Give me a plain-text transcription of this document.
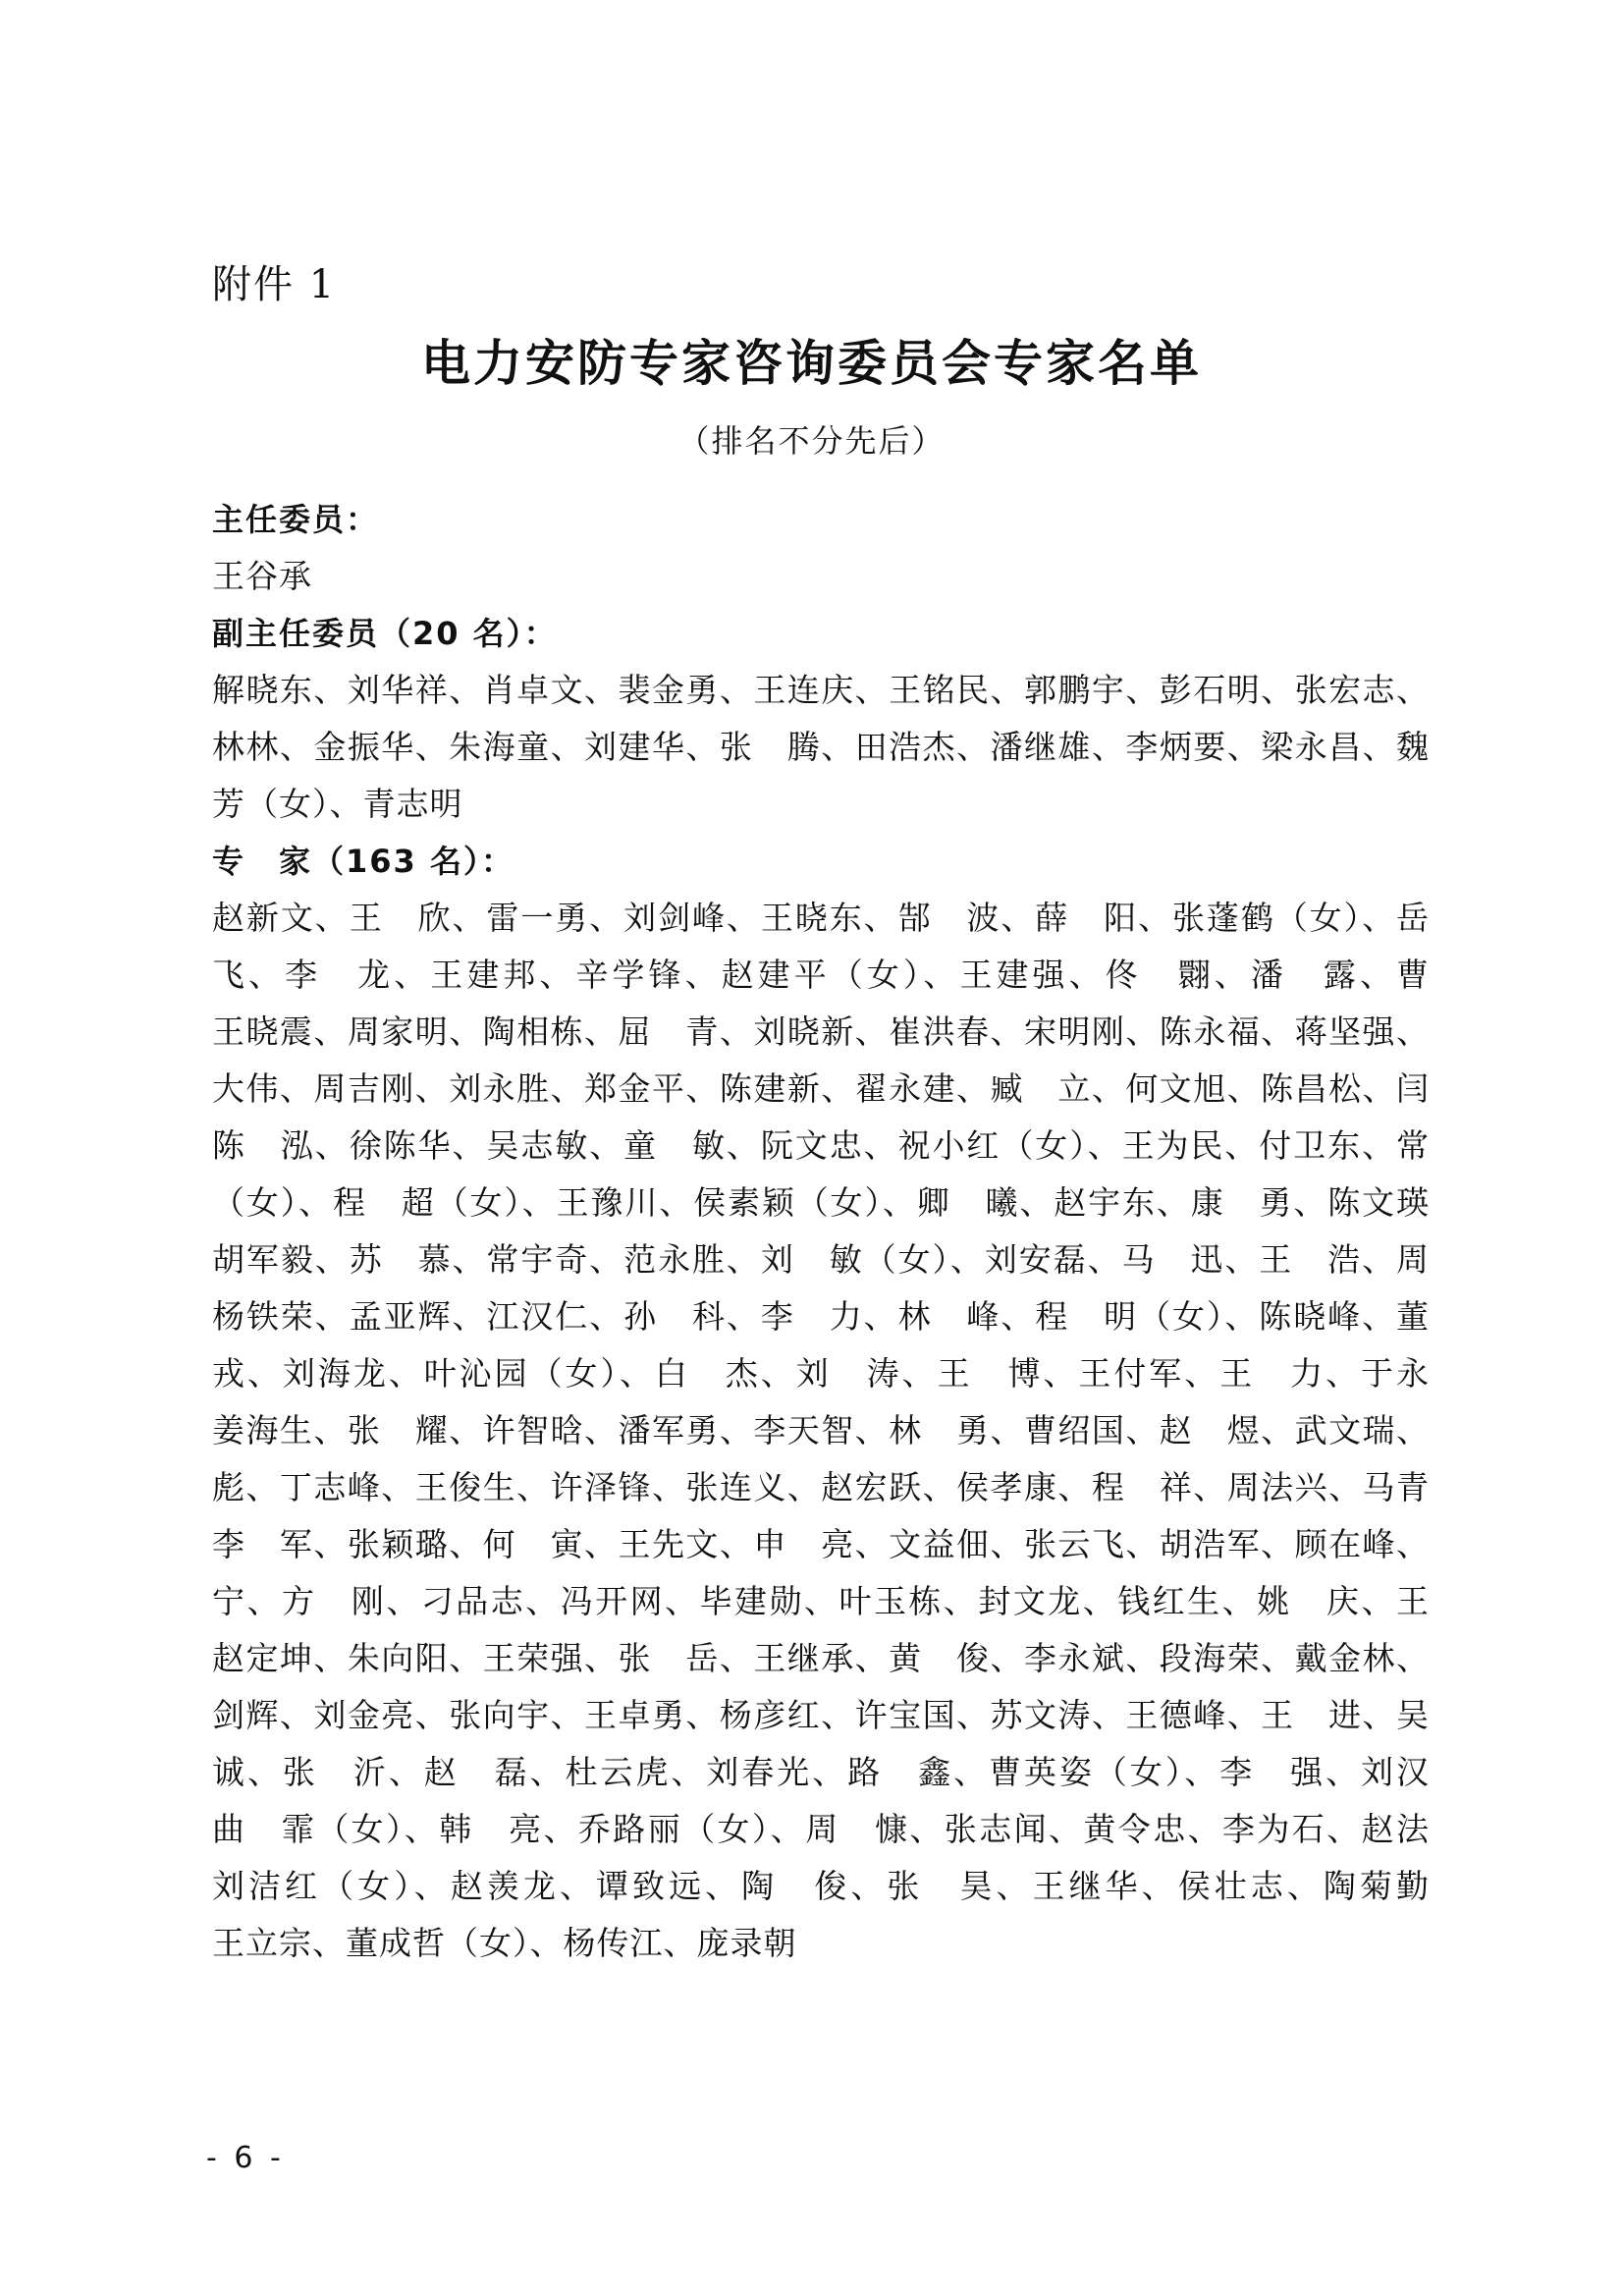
附件 1
电力安防专家咨询委员会专家名单
（排名不分先后）
主任委员：
王谷承
副主任委员（20 名）：
解晓东、刘华祥、肖卓文、裴金勇、王连庆、王铭民、郭鹏宇、彭石明、张宏志、
林林、金振华、朱海童、刘建华、张　腾、田浩杰、潘继雄、李炳要、梁永昌、魏
芳（女）、青志明
专　家（163 名）：
赵新文、王　欣、雷一勇、刘剑峰、王晓东、郜　波、薛　阳、张蓬鹤（女）、岳
飞、李　龙、王建邦、辛学锋、赵建平（女）、王建强、佟　翾、潘　露、曹　
王晓震、周家明、陶相栋、屈　青、刘晓新、崔洪春、宋明刚、陈永福、蒋坚强、
大伟、周吉刚、刘永胜、郑金平、陈建新、翟永建、臧　立、何文旭、陈昌松、闫　
陈　泓、徐陈华、吴志敏、童　敏、阮文忠、祝小红（女）、王为民、付卫东、常　
（女）、程　超（女）、王豫川、侯素颖（女）、卿　曦、赵宇东、康　勇、陈文瑛
胡军毅、苏　慕、常宇奇、范永胜、刘　敏（女）、刘安磊、马　迅、王　浩、周　
杨铁荣、孟亚辉、江汉仁、孙　科、李　力、林　峰、程　明（女）、陈晓峰、董
戎、刘海龙、叶沁园（女）、白　杰、刘　涛、王　博、王付军、王　力、于永
姜海生、张　耀、许智晗、潘军勇、李天智、林　勇、曹绍国、赵　煜、武文瑞、
彪、丁志峰、王俊生、许泽锋、张连义、赵宏跃、侯孝康、程　祥、周法兴、马青
李　军、张颖璐、何　寅、王先文、申　亮、文益佃、张云飞、胡浩军、顾在峰、
宁、方　刚、刁品志、冯开网、毕建勋、叶玉栋、封文龙、钱红生、姚　庆、王　
赵定坤、朱向阳、王荣强、张　岳、王继承、黄　俊、李永斌、段海荣、戴金林、
剑辉、刘金亮、张向宇、王卓勇、杨彦红、许宝国、苏文涛、王德峰、王　进、吴
诚、张　沂、赵　磊、杜云虎、刘春光、路　鑫、曹英姿（女）、李　强、刘汉
曲　霏（女）、韩　亮、乔路丽（女）、周　慷、张志闻、黄令忠、李为石、赵法
刘洁红（女）、赵羡龙、谭致远、陶　俊、张　昊、王继华、侯壮志、陶菊勤
王立宗、董成哲（女）、杨传江、庞录朝
- 6 -
